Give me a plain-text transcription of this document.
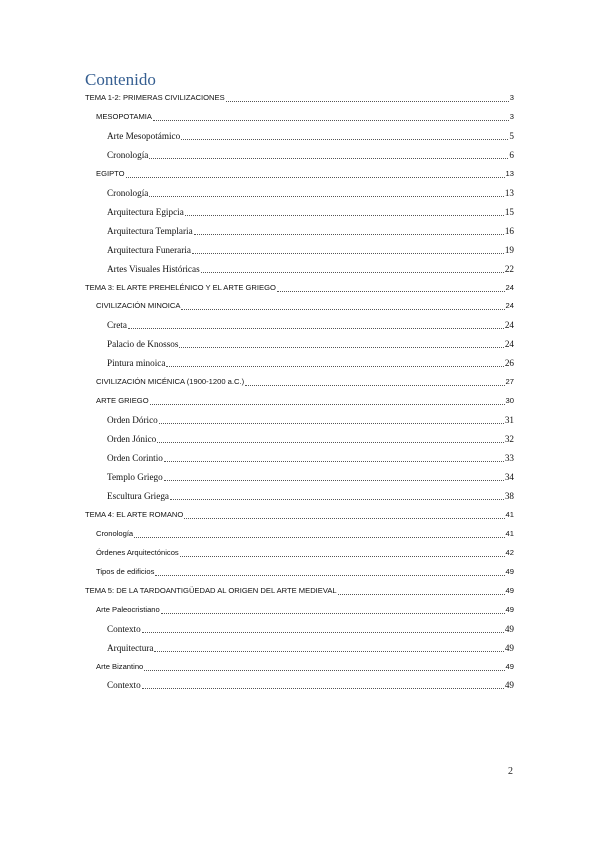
Contenido
TEMA 1-2: PRIMERAS CIVILIZACIONES	3
MESOPOTAMIA	3
Arte Mesopotámico	5
Cronología	6
EGIPTO	13
Cronología	13
Arquitectura Egipcia	15
Arquitectura Templaria	16
Arquitectura Funeraria	19
Artes Visuales Históricas	22
TEMA 3: EL ARTE PREHELÉNICO Y EL ARTE GRIEGO	24
CIVILIZACIÓN MINOICA	24
Creta	24
Palacio de Knossos	24
Pintura minoica	26
CIVILIZACIÓN MICÉNICA (1900-1200 a.C.)	27
ARTE GRIEGO	30
Orden Dórico	31
Orden Jónico	32
Orden Corintio	33
Templo Griego	34
Escultura Griega	38
TEMA 4: EL ARTE ROMANO	41
Cronología	41
Órdenes Arquitectónicos	42
Tipos de edificios	49
TEMA 5: DE LA TARDOANTIGÜEDAD AL ORIGEN DEL ARTE MEDIEVAL	49
Arte Paleocristiano	49
Contexto	49
Arquitectura	49
Arte Bizantino	49
Contexto	49
2
